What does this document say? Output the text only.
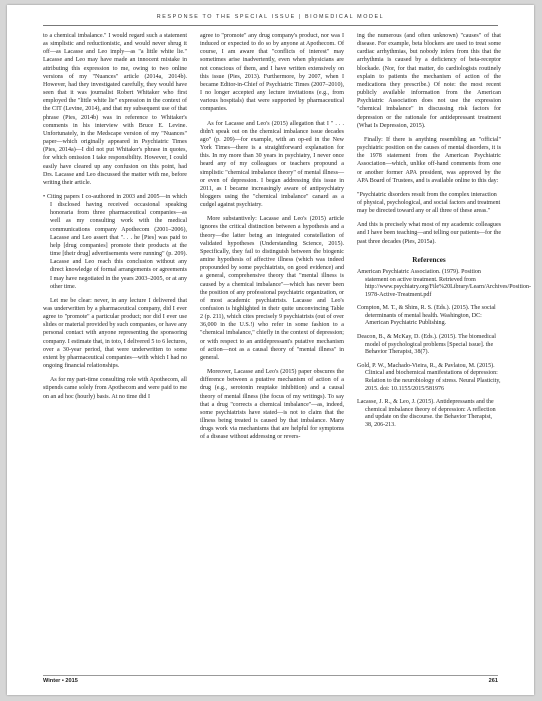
RESPONSE TO THE SPECIAL ISSUE | BIOMEDICAL MODEL

to a chemical imbalance." I would regard such a statement as simplistic and reductionistic, and would never shrug it off—as Lacasse and Leo imply—as "a little white lie." Lacasse and Leo may have made an innocent mistake in attributing this expression to me, owing to two online versions of my "Nuances" article (2014a, 2014b). However, had they investigated carefully, they would have seen that it was journalist Robert Whitaker who first employed the "little white lie" expression in the context of the CIT (Levine, 2014), and that my subsequent use of that phrase (Pies, 2014b) was in reference to Whitaker's comments in his interview with Bruce E. Levine. Unfortunately, in the Medscape version of my "Nuances" paper—which originally appeared in Psychiatric Times (Pies, 2014a)—I did not put Whitaker's phrase in quotes, for which omission I take responsibility. However, I could easily have cleared up any confusion on this point, had Drs. Lacasse and Leo discussed the matter with me, before writing their article.

• Citing papers I co-authored in 2003 and 2005—in which I disclosed having received occasional speaking honoraria from three pharmaceutical companies—as well as my consulting work with the medical communications company Apothecom (2001–2006), Lacasse and Leo assert that ". . . he [Pies] was paid to help [drug companies] promote their products at the time [their drug] advertisements were running" (p. 209). Lacasse and Leo reach this conclusion without any direct knowledge of formal arrangements or agreements I may have negotiated in the years 2003–2005, or at any other time.

Let me be clear: never, in any lecture I delivered that was underwritten by a pharmaceutical company, did I ever agree to "promote" a particular product; nor did I ever use slides or material provided by such companies, or have any personal contact with anyone representing the sponsoring company. I estimate that, in toto, I delivered 5 to 6 lectures, over a 30-year period, that were underwritten to some extent by pharmaceutical companies—with which I had no ongoing financial relationships.

As for my part-time consulting role with Apothecom, all stipends came solely from Apothecom and were paid to me on an ad hoc (hourly) basis. At no time did I

agree to "promote" any drug company's product, nor was I induced or expected to do so by anyone at Apothecom. Of course, I am aware that "conflicts of interest" may sometimes arise inadvertently, even when physicians are not conscious of them, and I have written extensively on this issue (Pies, 2013). Furthermore, by 2007, when I became Editor-in-Chief of Psychiatric Times (2007–2010), I no longer accepted any lecture invitations (e.g., from various hospitals) that were supported by pharmaceutical companies.

As for Lacasse and Leo's (2015) allegation that I " . . . didn't speak out on the chemical imbalance issue decades ago" (p. 209)—for example, with an op-ed in the New York Times—there is a straightforward explanation for this. In my more than 30 years in psychiatry, I never once heard any of my colleagues or teachers propound a simplistic "chemical imbalance theory" of mental illness—or even of depression. I began addressing this issue in 2011, as I became increasingly aware of antipsychiatry bloggers using the "chemical imbalance" canard as a cudgel against psychiatry.

More substantively: Lacasse and Leo's (2015) article ignores the critical distinction between a hypothesis and a theory—the latter being an integrated constellation of validated hypotheses (Understanding Science, 2015). Specifically, they fail to distinguish between the biogenic amine hypothesis of affective illness (which was indeed propounded by some psychiatrists, on good evidence) and a general, comprehensive theory that "mental illness is caused by a chemical imbalance"—which has never been the position of any professional psychiatric organization, or of most academic psychiatrists. Lacasse and Leo's confusion is highlighted in their quite unconvincing Table 2 (p. 211), which cites precisely 9 psychiatrists (out of over 36,000 in the U.S.!) who refer in some fashion to a "chemical imbalance," chiefly in the context of depression; or with respect to an antidepressant's putative mechanism of action—not as a causal theory of "mental illness" in general.

Moreover, Lacasse and Leo's (2015) paper obscures the difference between a putative mechanism of action of a drug (e.g., serotonin reuptake inhibition) and a causal theory of mental illness (the focus of my writings). To say that a drug "corrects a chemical imbalance"—as, indeed, some psychiatrists have stated—is not to claim that the illness being treated is caused by that imbalance. Many drugs work via mechanisms that are helpful for symptoms of a disease without addressing or revers-

ing the numerous (and often unknown) "causes" of that disease. For example, beta blockers are used to treat some cardiac arrhythmias, but nobody infers from this that the arrhythmia is caused by a deficiency of beta-receptor blockade. (Nor, for that matter, do cardiologists routinely explain to patients the mechanism of action of the medications they prescribe.) Of note: the most recent publicly available information from the American Psychiatric Association does not use the expression "chemical imbalance" in discussing risk factors for depression or the rationale for antidepressant treatment (What Is Depression, 2015).

Finally: If there is anything resembling an "official" psychiatric position on the causes of mental disorders, it is the 1978 statement from the American Psychiatric Association—which, unlike off-hand comments from one or another former APA president, was approved by the APA Board of Trustees, and is available online to this day:

"Psychiatric disorders result from the complex interaction of physical, psychological, and social factors and treatment may be directed toward any or all three of these areas."

And this is precisely what most of my academic colleagues and I have been teaching—and telling our patients—for the past three decades (Pies, 2015a).

References

American Psychiatric Association. (1979). Position statement on active treatment. Retrieved from http://www.psychiatry.org/File%20Library/Learn/Archives/Position-1978-Active-Treatment.pdf

Compton, M. T., & Shim, R. S. (Eds.). (2015). The social determinants of mental health. Washington, DC: American Psychiatric Publishing.

Deacon, B., & McKay, D. (Eds.). (2015). The biomedical model of psychological problems [Special issue]. the Behavior Therapist, 38(7).

Gold, P. W., Machado-Vieira, R., & Pavlatou, M. (2015). Clinical and biochemical manifestations of depression: Relation to the neurobiology of stress. Neural Plasticity, 2015. doi: 10.1155/2015/581976

Lacasse, J. R., & Leo, J. (2015). Antidepressants and the chemical imbalance theory of depression: A reflection and update on the discourse. the Behavior Therapist, 38, 206-213.

Winter • 2015	261
